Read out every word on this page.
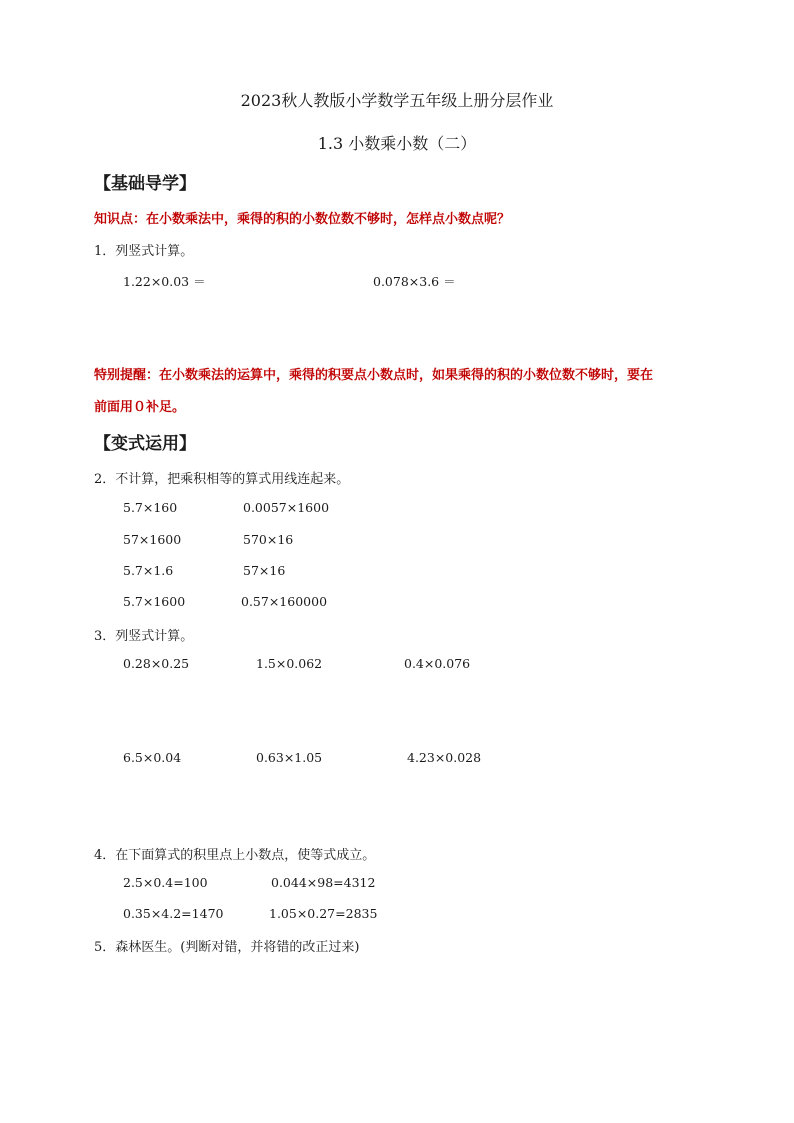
2023秋人教版小学数学五年级上册分层作业
1.3 小数乘小数（二）
【基础导学】
知识点：在小数乘法中，乘得的积的小数位数不够时，怎样点小数点呢？
1．列竖式计算。
1.22×0.03 ＝	0.078×3.6 ＝
特别提醒：在小数乘法的运算中，乘得的积要点小数点时，如果乘得的积的小数位数不够时，要在
前面用０补足。
【变式运用】
2．不计算，把乘积相等的算式用线连起来。
5.7×160	0.0057×1600
57×1600	570×16
5.7×1.6	57×16
5.7×1600	0.57×160000
3．列竖式计算。
0.28×0.25	1.5×0.062	0.4×0.076
6.5×0.04	0.63×1.05	4.23×0.028
4．在下面算式的积里点上小数点，使等式成立。
2.5×0.4=100	0.044×98=4312
0.35×4.2=1470	1.05×0.27=2835
5．森林医生。(判断对错，并将错的改正过来)
